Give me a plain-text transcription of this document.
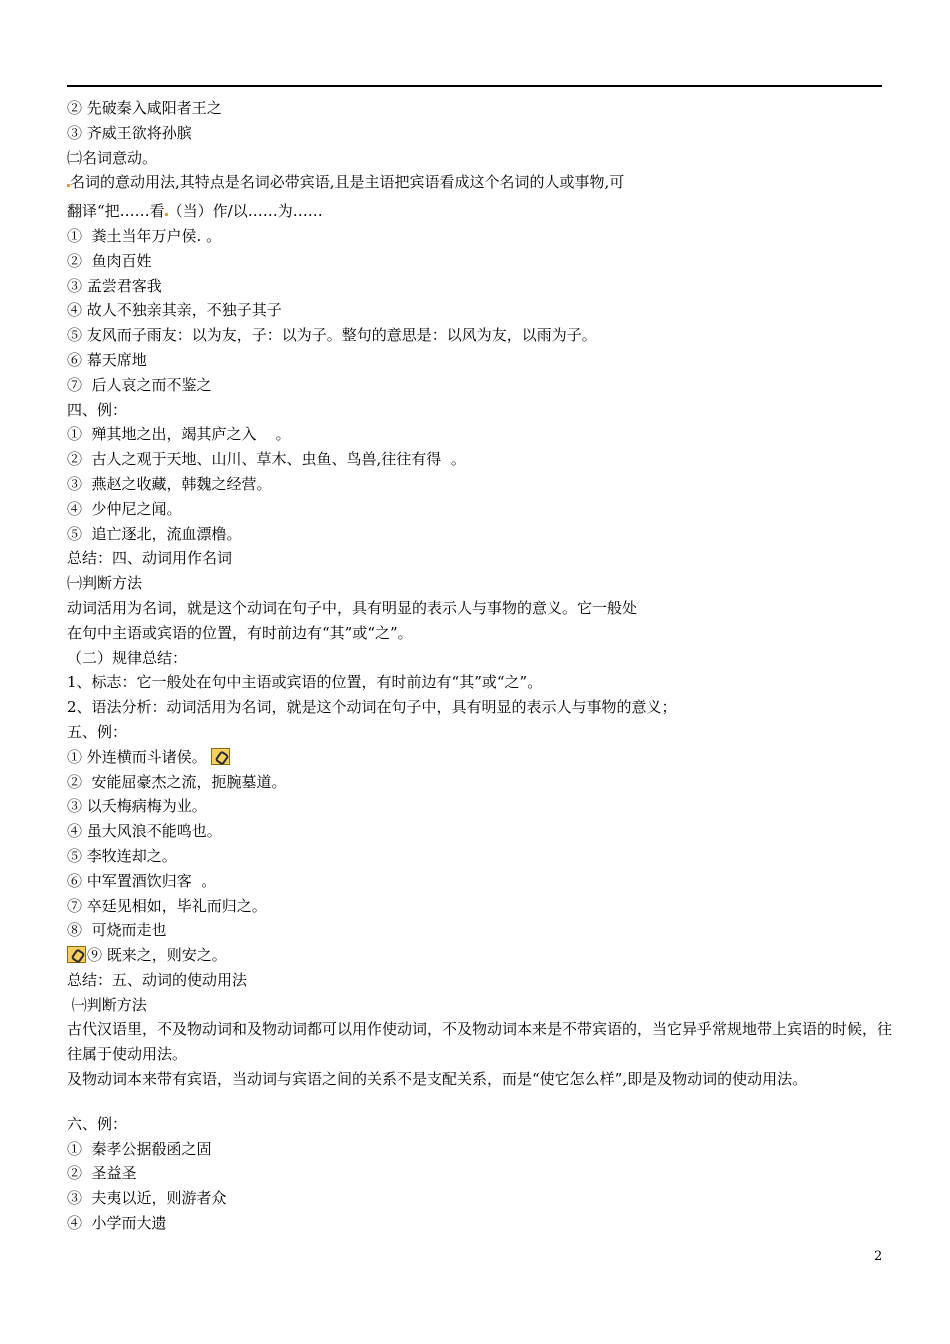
② 先破秦入咸阳者王之
③ 齐威王欲将孙膑
㈡名词意动。
名词的意动用法,其特点是名词必带宾语,且是主语把宾语看成这个名词的人或事物,可
翻译“把……看 （当）作/以……为……
①  粪土当年万户侯. 。
②  鱼肉百姓
③ 孟尝君客我
④ 故人不独亲其亲，不独子其子
⑤ 友风而子雨友：以为友，子：以为子。整句的意思是：以风为友，以雨为子。
⑥ 幕天席地
⑦  后人哀之而不鉴之
四、例：
①  殚其地之出，竭其庐之入    。
②  古人之观于天地、山川、草木、虫鱼、鸟兽,往往有得  。
③  燕赵之收藏，韩魏之经营。
④  少仲尼之闻。
⑤  追亡逐北，流血漂橹。
总结：四、动词用作名词
㈠判断方法
动词活用为名词，就是这个动词在句子中，具有明显的表示人与事物的意义。它一般处
在句中主语或宾语的位置，有时前边有“其”或“之”。
（二）规律总结：
1、标志：它一般处在句中主语或宾语的位置，有时前边有“其”或“之”。
2、语法分析：动词活用为名词，就是这个动词在句子中，具有明显的表示人与事物的意义；
五、例：
① 外连横而斗诸侯。
②  安能屈豪杰之流，扼腕墓道。
③ 以夭梅病梅为业。
④ 虽大风浪不能鸣也。
⑤ 李牧连却之。
⑥ 中军置酒饮归客  。
⑦ 卒廷见相如，毕礼而归之。
⑧  可烧而走也
⑨ 既来之，则安之。
总结：五、动词的使动用法
㈠判断方法
古代汉语里，不及物动词和及物动词都可以用作使动词，不及物动词本来是不带宾语的，当它异乎常规地带上宾语的时候，往往属于使动用法。
及物动词本来带有宾语，当动词与宾语之间的关系不是支配关系，而是“使它怎么样”,即是及物动词的使动用法。
六、例：
①  秦孝公据殽函之固
②  圣益圣
③  夫夷以近，则游者众
④  小学而大遗
2
